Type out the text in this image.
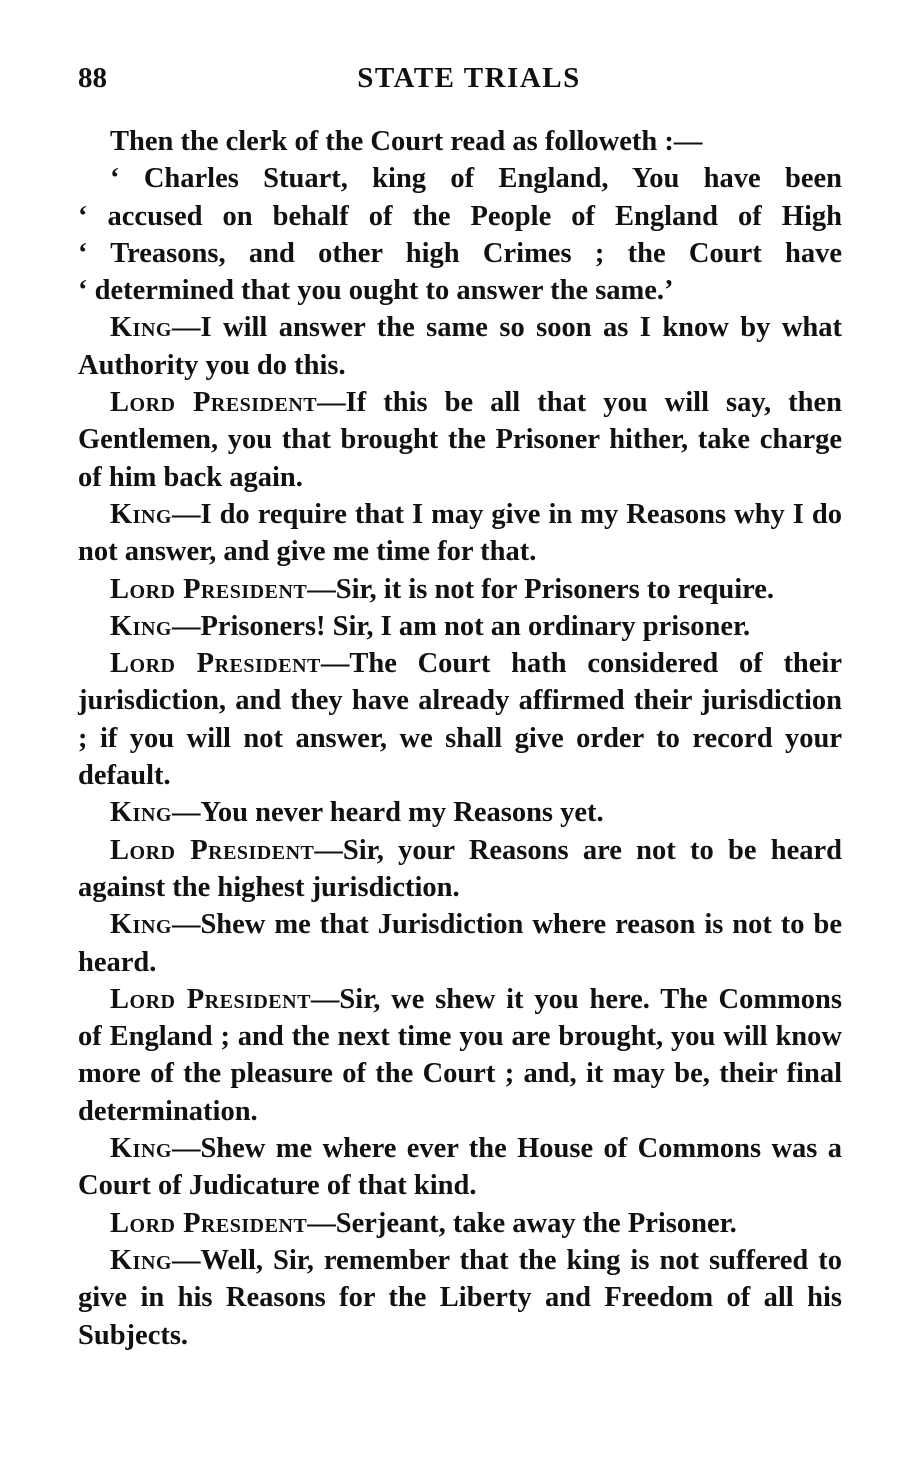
88	STATE TRIALS

Then the clerk of the Court read as followeth :—

‘ Charles Stuart, king of England, You have been

‘ accused on behalf of the People of England of High

‘ Treasons, and other high Crimes ; the Court have

‘ determined that you ought to answer the same.’

King—I will answer the same so soon as I know by what Authority you do this.

Lord President—If this be all that you will say, then Gentlemen, you that brought the Prisoner hither, take charge of him back again.

King—I do require that I may give in my Reasons why I do not answer, and give me time for that.

Lord President—Sir, it is not for Prisoners to require.

King—Prisoners! Sir, I am not an ordinary prisoner.

Lord President—The Court hath considered of their jurisdiction, and they have already affirmed their jurisdiction ; if you will not answer, we shall give order to record your default.

King—You never heard my Reasons yet.

Lord President—Sir, your Reasons are not to be heard against the highest jurisdiction.

King—Shew me that Jurisdiction where reason is not to be heard.

Lord President—Sir, we shew it you here. The Commons of England ; and the next time you are brought, you will know more of the pleasure of the Court ; and, it may be, their final determination.

King—Shew me where ever the House of Commons was a Court of Judicature of that kind.

Lord President—Serjeant, take away the Prisoner.

King—Well, Sir, remember that the king is not suffered to give in his Reasons for the Liberty and Freedom of all his Subjects.
